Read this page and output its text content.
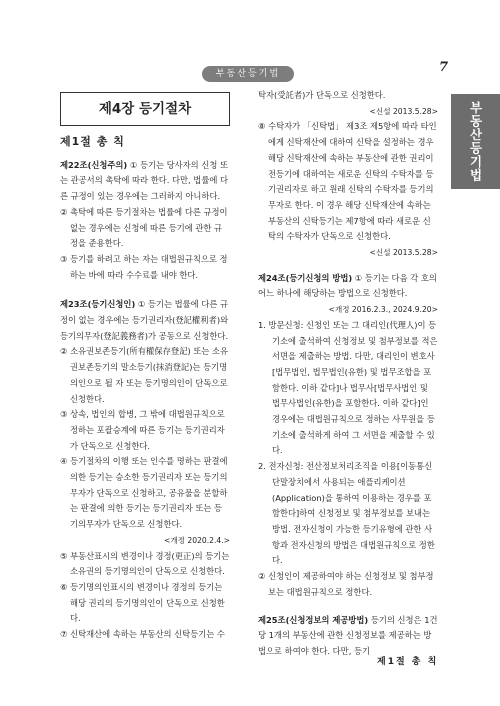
부동산등기법	7
부동산등기법
제4장 등기절차
제1절 총 칙

제22조(신청주의) ① 등기는 당사자의 신청 또는 관공서의 촉탁에 따라 한다. 다만, 법률에 다른 규정이 있는 경우에는 그러하지 아니하다.

② 촉탁에 따른 등기절차는 법률에 다른 규정이 없는 경우에는 신청에 따른 등기에 관한 규정을 준용한다.

③ 등기를 하려고 하는 자는 대법원규칙으로 정하는 바에 따라 수수료를 내야 한다.

제23조(등기신청인) ① 등기는 법률에 다른 규정이 없는 경우에는 등기권리자(登記權利者)와 등기의무자(登記義務者)가 공동으로 신청한다.

② 소유권보존등기(所有權保存登記) 또는 소유권보존등기의 말소등기(抹消登記)는 등기명의인으로 될 자 또는 등기명의인이 단독으로 신청한다.

③ 상속, 법인의 합병, 그 밖에 대법원규칙으로 정하는 포괄승계에 따른 등기는 등기권리자가 단독으로 신청한다.

④ 등기절차의 이행 또는 인수를 명하는 판결에 의한 등기는 승소한 등기권리자 또는 등기의무자가 단독으로 신청하고, 공유물을 분할하는 판결에 의한 등기는 등기권리자 또는 등기의무자가 단독으로 신청한다.

<개정 2020.2.4.>

⑤ 부동산표시의 변경이나 경정(更正)의 등기는 소유권의 등기명의인이 단독으로 신청한다.

⑥ 등기명의인표시의 변경이나 경정의 등기는 해당 권리의 등기명의인이 단독으로 신청한다.

⑦ 신탁재산에 속하는 부동산의 신탁등기는 수

탁자(受託者)가 단독으로 신청한다.

<신설 2013.5.28>

⑧ 수탁자가 「신탁법」 제3조 제5항에 따라 타인에게 신탁재산에 대하여 신탁을 설정하는 경우 해당 신탁재산에 속하는 부동산에 관한 권리이전등기에 대하여는 새로운 신탁의 수탁자를 등기권리자로 하고 원래 신탁의 수탁자를 등기의무자로 한다. 이 경우 해당 신탁재산에 속하는 부동산의 신탁등기는 제7항에 따라 새로운 신탁의 수탁자가 단독으로 신청한다.

<신설 2013.5.28>

제24조(등기신청의 방법) ① 등기는 다음 각 호의 어느 하나에 해당하는 방법으로 신청한다.

<개정 2016.2.3., 2024.9.20>

1. 방문신청: 신청인 또는 그 대리인(代理人)이 등기소에 출석하여 신청정보 및 첨부정보를 적은 서면을 제출하는 방법. 다만, 대리인이 변호사[법무법인, 법무법인(유한) 및 법무조합을 포함한다. 이하 같다]나 법무사[법무사법인 및 법무사법인(유한)을 포함한다. 이하 같다]인 경우에는 대법원규칙으로 정하는 사무원을 등기소에 출석하게 하여 그 서면을 제출할 수 있다.

2. 전자신청: 전산정보처리조직을 이용[이동통신단말장치에서 사용되는 애플리케이션(Application)을 통하여 이용하는 경우를 포함한다]하여 신청정보 및 첨부정보를 보내는 방법. 전자신청이 가능한 등기유형에 관한 사항과 전자신청의 방법은 대법원규칙으로 정한다.

② 신청인이 제공하여야 하는 신청정보 및 첨부정보는 대법원규칙으로 정한다.

제25조(신청정보의 제공방법) 등기의 신청은 1건당 1개의 부동산에 관한 신청정보를 제공하는 방법으로 하여야 한다. 다만, 등기

제1절 총 칙
